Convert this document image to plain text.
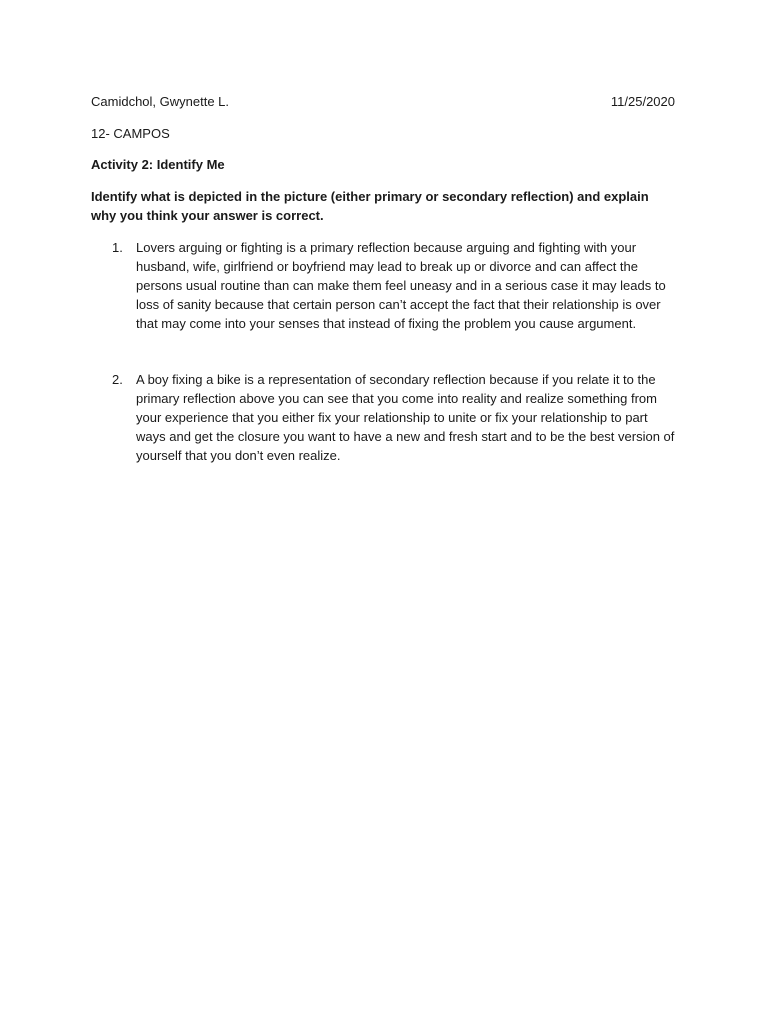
Camidchol, Gwynette L.	11/25/2020
12- CAMPOS
Activity 2: Identify Me
Identify what is depicted in the picture (either primary or secondary reflection) and explain why you think your answer is correct.
1.	Lovers arguing or fighting is a primary reflection because arguing and fighting with your husband, wife, girlfriend or boyfriend may lead to break up or divorce and can affect the persons usual routine than can make them feel uneasy and in a serious case it may leads to loss of sanity because that certain person can’t accept the fact that their relationship is over that may come into your senses that instead of fixing the problem you cause argument.
2.	A boy fixing a bike is a representation of secondary reflection because if you relate it to the primary reflection above you can see that you come into reality and realize something from your experience that you either fix your relationship to unite or fix your relationship to part ways and get the closure you want to have a new and fresh start and to be the best version of yourself that you don’t even realize.
